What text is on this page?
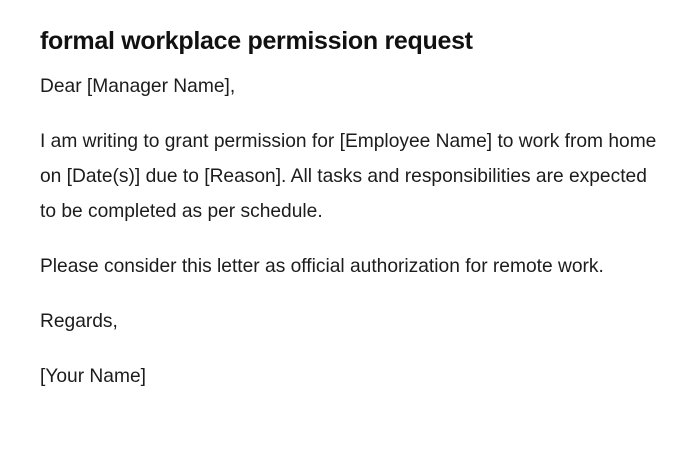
formal workplace permission request

Dear [Manager Name],

I am writing to grant permission for [Employee Name] to work from home on [Date(s)] due to [Reason]. All tasks and responsibilities are expected to be completed as per schedule.

Please consider this letter as official authorization for remote work.

Regards,

[Your Name]
